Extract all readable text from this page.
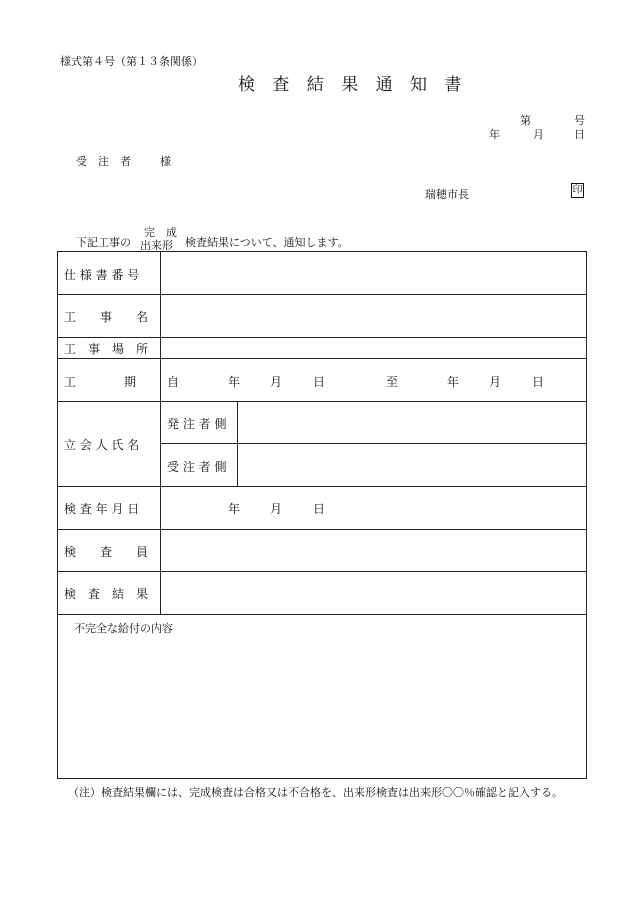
様式第４号（第１３条関係）
検 査 結 果 通 知 書
第	号
年	月	日
受　注　者	様
瑞穂市長	印
下記工事の
完　成
出来形 検査結果について、通知します。
仕 様 書 番 号
工　　事　　名
工　事　場　所
工　　　　期	自	年 月	日	至	年 月	日
立 会 人 氏 名
発 注 者 側
受 注 者 側
検 査 年 月 日	年 月	日
検　　査　　員
検　査　結　果
不完全な給付の内容
（注）検査結果欄には、完成検査は合格又は不合格を、出来形検査は出来形〇〇％確認と記入する。
